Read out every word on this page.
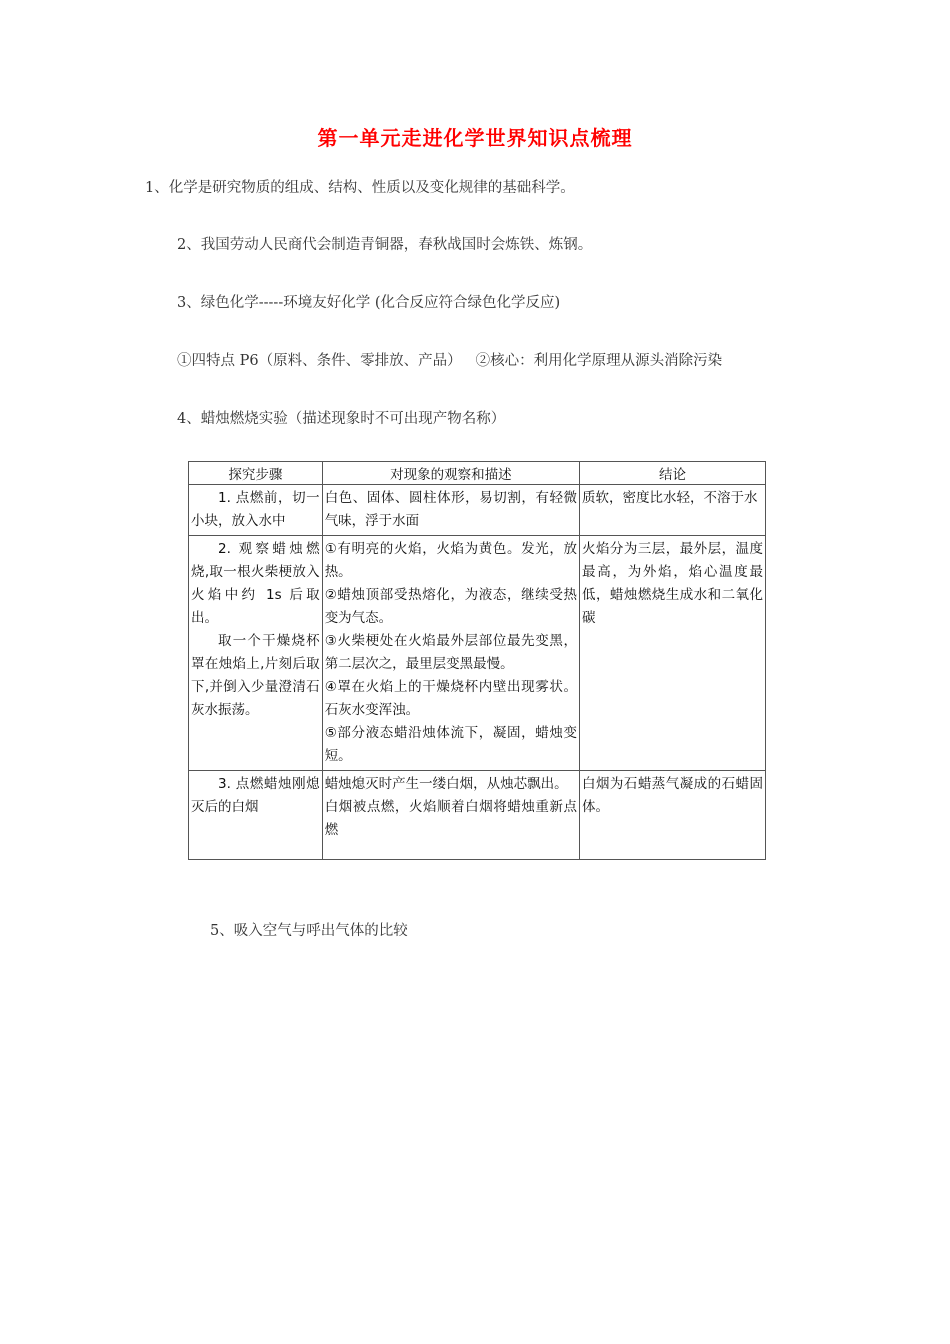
第一单元走进化学世界知识点梳理
1、化学是研究物质的组成、结构、性质以及变化规律的基础科学。
2、我国劳动人民商代会制造青铜器，春秋战国时会炼铁、炼钢。
3、绿色化学-----环境友好化学 (化合反应符合绿色化学反应)
①四特点 P6（原料、条件、零排放、产品） ②核心：利用化学原理从源头消除污染
4、蜡烛燃烧实验（描述现象时不可出现产物名称）
探究步骤	对现象的观察和描述	结论

1. 点燃前，切一小块，放入水中	白色、固体、圆柱体形，易切割，有轻微气味，浮于水面	质软，密度比水轻，不溶于水

2. 观察蜡烛燃烧,取一根火柴梗放入火焰中约 1s 后取出。
取一个干燥烧杯罩在烛焰上,片刻后取下,并倒入少量澄清石灰水振荡。	①有明亮的火焰，火焰为黄色。发光，放热。
②蜡烛顶部受热熔化，为液态，继续受热变为气态。
③火柴梗处在火焰最外层部位最先变黑，第二层次之，最里层变黑最慢。
④罩在火焰上的干燥烧杯内壁出现雾状。石灰水变浑浊。
⑤部分液态蜡沿烛体流下，凝固，蜡烛变短。	火焰分为三层，最外层，温度最高，为外焰，焰心温度最低，蜡烛燃烧生成水和二氧化碳

3. 点燃蜡烛刚熄灭后的白烟	蜡烛熄灭时产生一缕白烟，从烛芯飘出。
白烟被点燃，火焰顺着白烟将蜡烛重新点燃	白烟为石蜡蒸气凝成的石蜡固体。
5、吸入空气与呼出气体的比较
